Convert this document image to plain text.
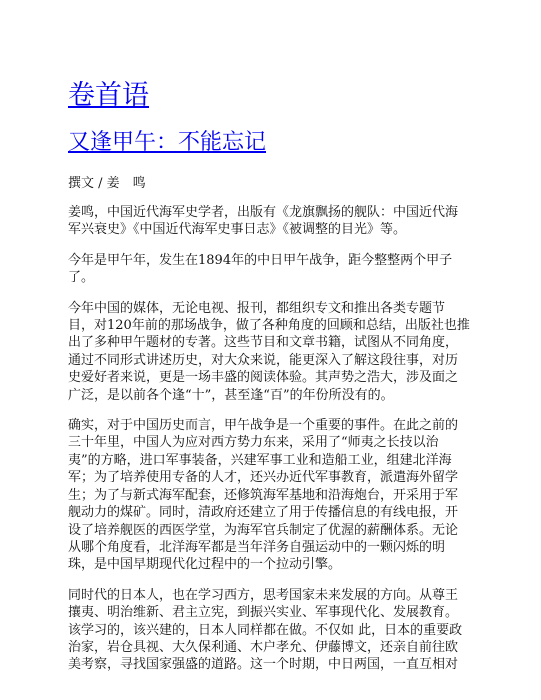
卷首语
又逢甲午：不能忘记
撰文 / 姜　鸣

姜鸣，中国近代海军史学者，出版有《龙旗飘扬的舰队：中国近代海
军兴衰史》《中国近代海军史事日志》《被调整的目光》等。

今年是甲午年，发生在1894年的中日甲午战争，距今整整两个甲子
了。

今年中国的媒体，无论电视、报刊，都组织专文和推出各类专题节
目，对120年前的那场战争，做了各种角度的回顾和总结，出版社也推
出了多种甲午题材的专著。这些节目和文章书籍，试图从不同角度，
通过不同形式讲述历史，对大众来说，能更深入了解这段往事，对历
史爱好者来说，更是一场丰盛的阅读体验。其声势之浩大，涉及面之
广泛，是以前各个逢“十”，甚至逢“百”的年份所没有的。

确实，对于中国历史而言，甲午战争是一个重要的事件。在此之前的
三十年里，中国人为应对西方势力东来，采用了“师夷之长技以治
夷”的方略，进口军事装备，兴建军事工业和造船工业，组建北洋海
军；为了培养使用专备的人才，还兴办近代军事教育，派遣海外留学
生；为了与新式海军配套，还修筑海军基地和沿海炮台，开采用于军
舰动力的煤矿。同时，清政府还建立了用于传播信息的有线电报，开
设了培养舰医的西医学堂，为海军官兵制定了优渥的薪酬体系。无论
从哪个角度看，北洋海军都是当年洋务自强运动中的一颗闪烁的明
珠，是中国早期现代化过程中的一个拉动引擎。

同时代的日本人，也在学习西方，思考国家未来发展的方向。从尊王
攘夷、明治维新、君主立宪，到振兴实业、军事现代化、发展教育。
该学习的，该兴建的，日本人同样都在做。不仅如 此，日本的重要政
治家，岩仓具视、大久保利通、木户孝允、伊藤博文，还亲自前往欧
美考察，寻找国家强盛的道路。这一个时期，中日两国，一直互相对
